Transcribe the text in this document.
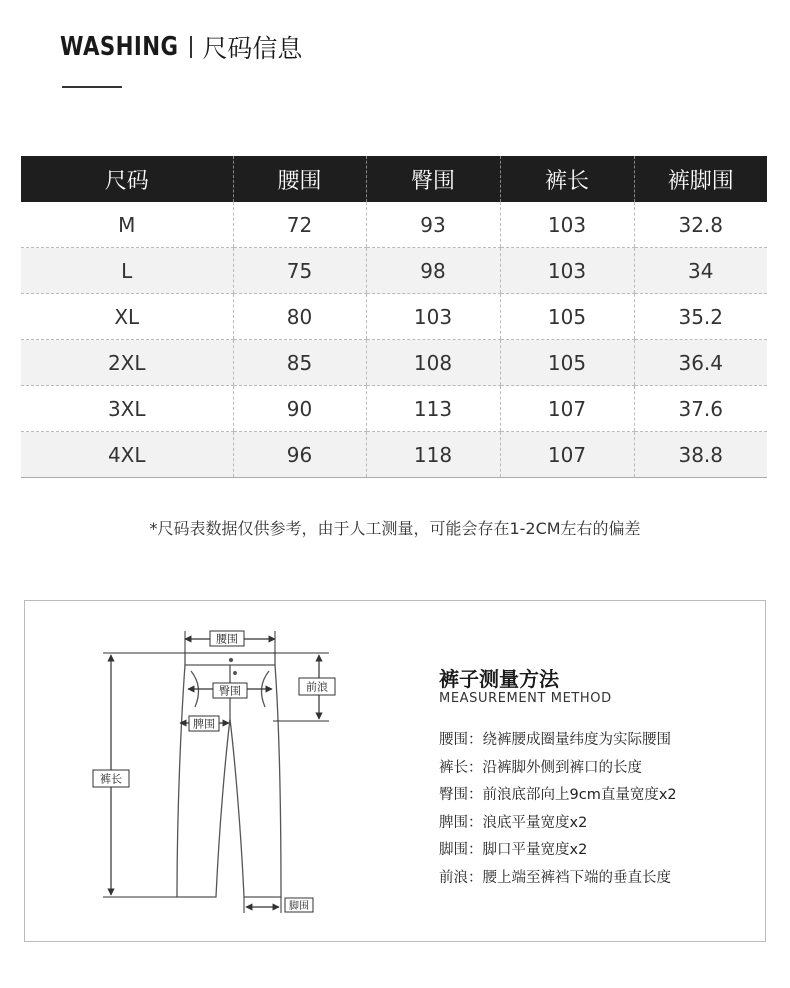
WASHING 尺码信息
尺码	腰围	臀围	裤长	裤脚围
M	72	93	103	32.8
L	75	98	103	34
XL	80	103	105	35.2
2XL	85	108	105	36.4
3XL	90	113	107	37.6
4XL	96	118	107	38.8
*尺码表数据仅供参考，由于人工测量，可能会存在1-2CM左右的偏差
腰围
臀围
脾围
前浪
裤长
脚围
裤子测量方法
MEASUREMENT METHOD
腰围：绕裤腰成圈量纬度为实际腰围
裤长：沿裤脚外侧到裤口的长度
臀围：前浪底部向上9cm直量宽度x2
脾围：浪底平量宽度x2
脚围：脚口平量宽度x2
前浪：腰上端至裤裆下端的垂直长度
